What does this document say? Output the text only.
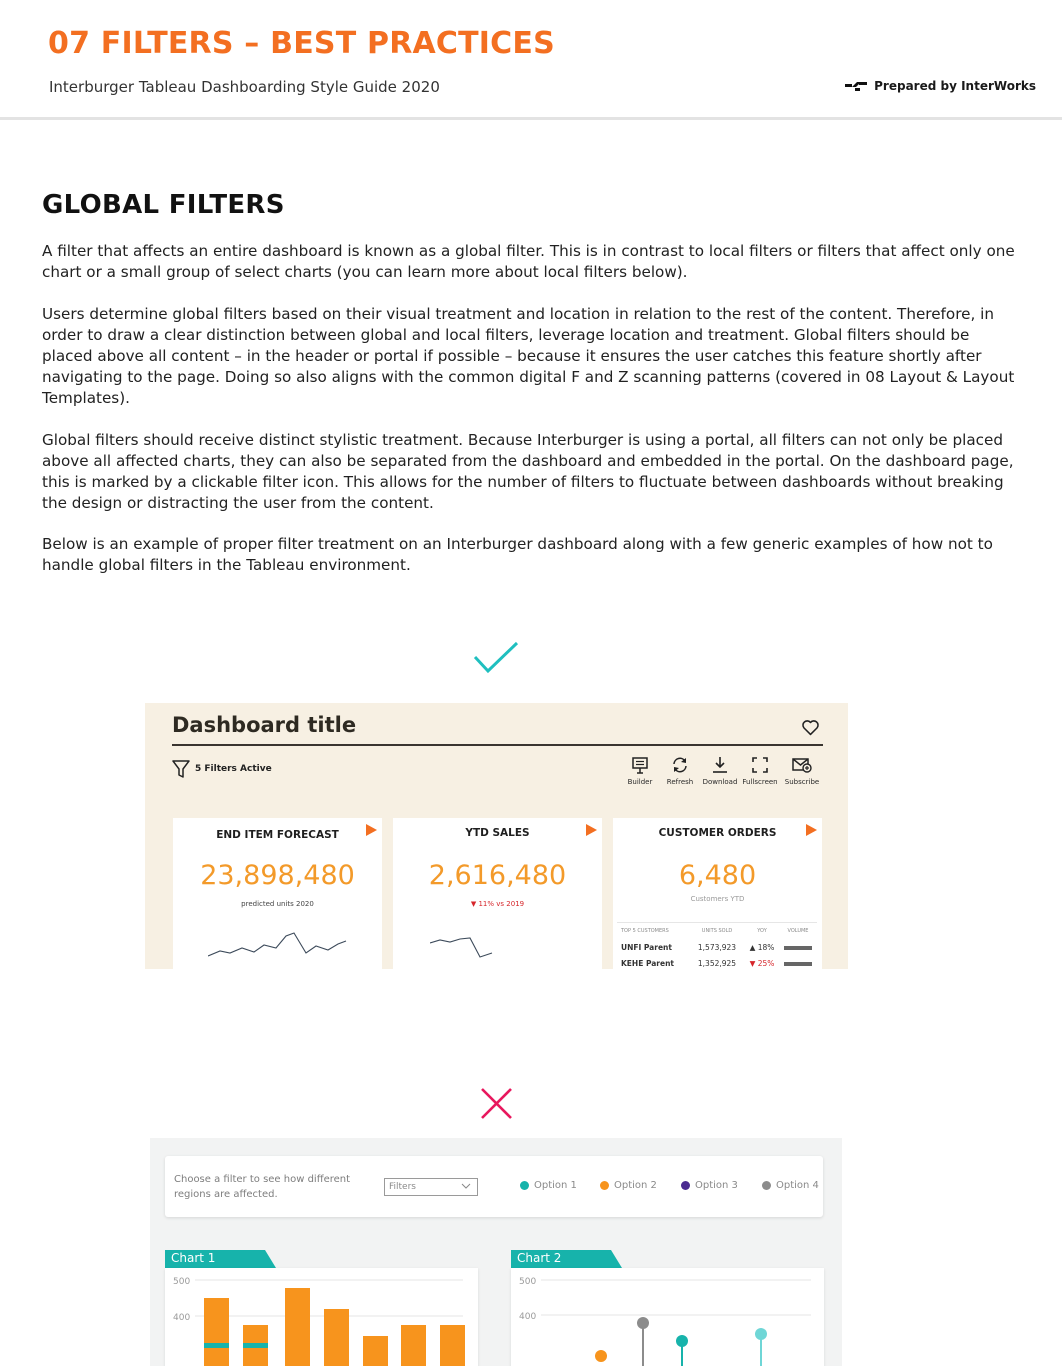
07 FILTERS – BEST PRACTICES
Interburger Tableau Dashboarding Style Guide 2020	Prepared by InterWorks
GLOBAL FILTERS

A filter that affects an entire dashboard is known as a global filter. This is in contrast to local filters or filters that affect only one chart or a small group of select charts (you can learn more about local filters below).

Users determine global filters based on their visual treatment and location in relation to the rest of the content. Therefore, in order to draw a clear distinction between global and local filters, leverage location and treatment. Global filters should be placed above all content – in the header or portal if possible – because it ensures the user catches this feature shortly after navigating to the page. Doing so also aligns with the common digital F and Z scanning patterns (covered in 08 Layout & Layout Templates).

Global filters should receive distinct stylistic treatment. Because Interburger is using a portal, all filters can not only be placed above all affected charts, they can also be separated from the dashboard and embedded in the portal. On the dashboard page, this is marked by a clickable filter icon. This allows for the number of filters to fluctuate between dashboards without breaking the design or distracting the user from the content.

Below is an example of proper filter treatment on an Interburger dashboard along with a few generic examples of how not to handle global filters in the Tableau environment.

Dashboard title
5 Filters Active
Builder Refresh Download Fullscreen Subscribe
END ITEM FORECAST
23,898,480
predicted units 2020
YTD SALES
2,616,480
▼ 11% vs 2019
CUSTOMER ORDERS
6,480
Customers YTD
TOP 5 CUSTOMERS	UNITS SOLD	YOY	VOLUME
UNFI Parent	1,573,923	▲ 18%
KEHE Parent	1,352,925	▼ 25%
Choose a filter to see how different regions are affected.
Filters	Option 1	Option 2	Option 3	Option 4
Chart 1
500
400
Chart 2
500
400
